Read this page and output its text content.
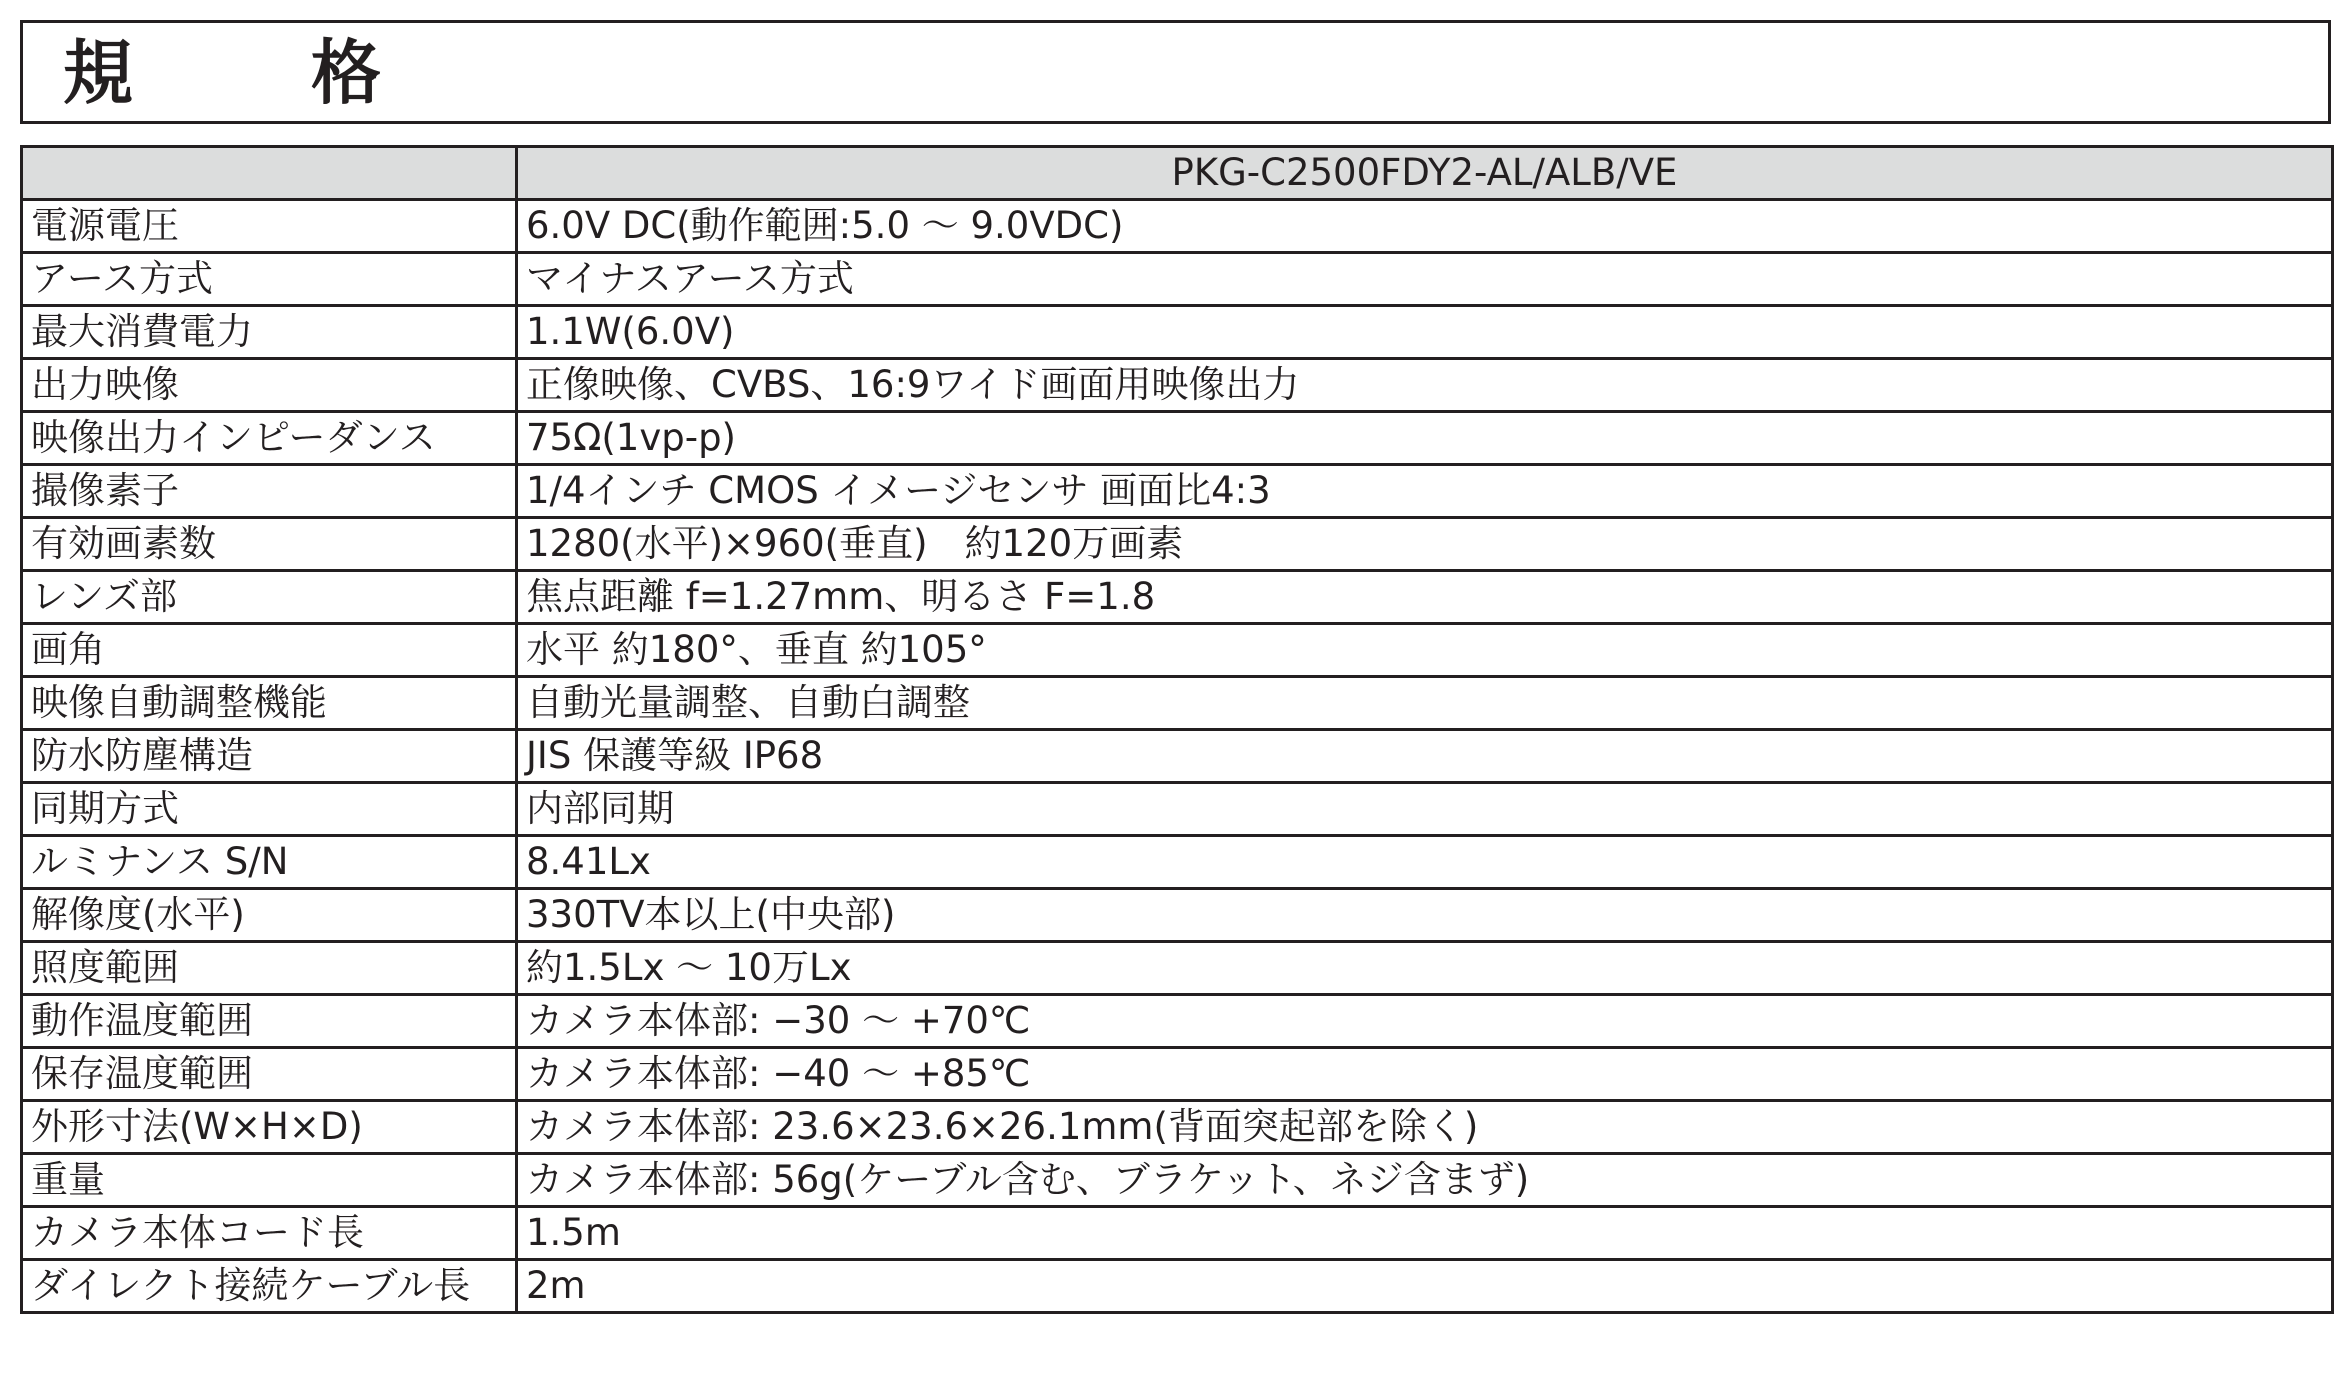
規　格
	PKG-C2500FDY2-AL/ALB/VE
電源電圧	6.0V DC(動作範囲:5.0 〜 9.0VDC)
アース方式	マイナスアース方式
最大消費電力	1.1W(6.0V)
出力映像	正像映像、CVBS、16:9ワイド画面用映像出力
映像出力インピーダンス	75Ω(1vp-p)
撮像素子	1/4インチ CMOS イメージセンサ 画面比4:3
有効画素数	1280(水平)×960(垂直)　約120万画素
レンズ部	焦点距離 f=1.27mm、明るさ F=1.8
画角	水平 約180°、垂直 約105°
映像自動調整機能	自動光量調整、自動白調整
防水防塵構造	JIS 保護等級 IP68
同期方式	内部同期
ルミナンス S/N	8.41Lx
解像度(水平)	330TV本以上(中央部)
照度範囲	約1.5Lx 〜 10万Lx
動作温度範囲	カメラ本体部: −30 〜 +70℃
保存温度範囲	カメラ本体部: −40 〜 +85℃
外形寸法(W×H×D)	カメラ本体部: 23.6×23.6×26.1mm(背面突起部を除く)
重量	カメラ本体部: 56g(ケーブル含む、ブラケット、ネジ含まず)
カメラ本体コード長	1.5m
ダイレクト接続ケーブル長	2m
